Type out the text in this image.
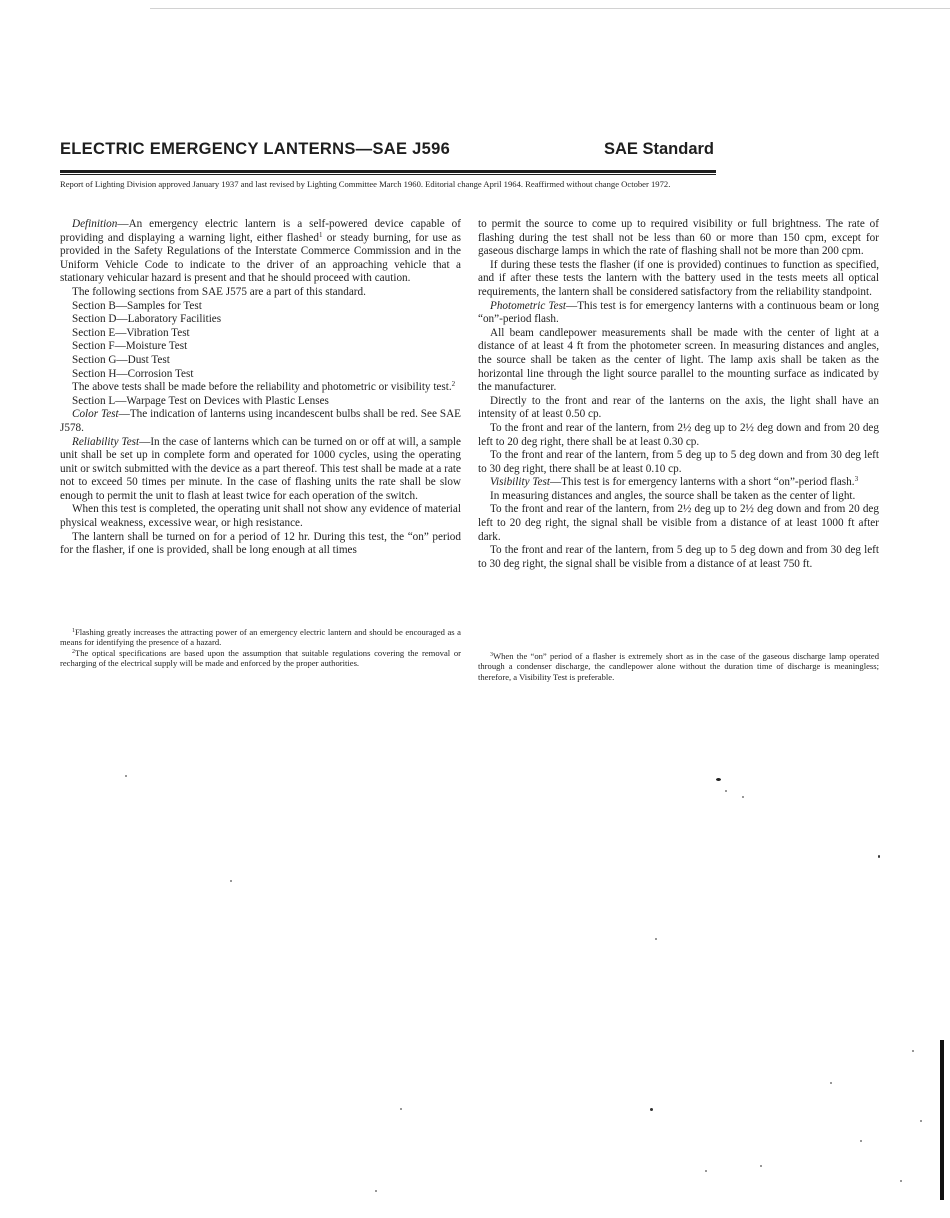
ELECTRIC EMERGENCY LANTERNS—SAE J596	SAE Standard
Report of Lighting Division approved January 1937 and last revised by Lighting Committee March 1960. Editorial change April 1964. Reaffirmed without change October 1972.

Definition—An emergency electric lantern is a self-powered device capable of providing and displaying a warning light, either flashed$^1$ or steady burning, for use as provided in the Safety Regulations of the Interstate Commerce Commission and in the Uniform Vehicle Code to indicate to the driver of an approaching vehicle that a stationary vehicular hazard is present and that he should proceed with caution.

The following sections from SAE J575 are a part of this standard.

Section B—Samples for Test

Section D—Laboratory Facilities

Section E—Vibration Test

Section F—Moisture Test

Section G—Dust Test

Section H—Corrosion Test

The above tests shall be made before the reliability and photometric or visibility test.$^2$

Section L—Warpage Test on Devices with Plastic Lenses

Color Test—The indication of lanterns using incandescent bulbs shall be red. See SAE J578.

Reliability Test—In the case of lanterns which can be turned on or off at will, a sample unit shall be set up in complete form and operated for 1000 cycles, using the operating unit or switch submitted with the device as a part thereof. This test shall be made at a rate not to exceed 50 times per minute. In the case of flashing units the rate shall be slow enough to permit the unit to flash at least twice for each operation of the switch.

When this test is completed, the operating unit shall not show any evidence of material physical weakness, excessive wear, or high resistance.

The lantern shall be turned on for a period of 12 hr. During this test, the “on” period for the flasher, if one is provided, shall be long enough at all times

$^1$Flashing greatly increases the attracting power of an emergency electric lantern and should be encouraged as a means for identifying the presence of a hazard.

$^2$The optical specifications are based upon the assumption that suitable regulations covering the removal or recharging of the electrical supply will be made and enforced by the proper authorities.

to permit the source to come up to required visibility or full brightness. The rate of flashing during the test shall not be less than 60 or more than 150 cpm, except for gaseous discharge lamps in which the rate of flashing shall not be more than 200 cpm.

If during these tests the flasher (if one is provided) continues to function as specified, and if after these tests the lantern with the battery used in the tests meets all optical requirements, the lantern shall be considered satisfactory from the reliability standpoint.

Photometric Test—This test is for emergency lanterns with a continuous beam or long “on”-period flash.

All beam candlepower measurements shall be made with the center of light at a distance of at least 4 ft from the photometer screen. In measuring distances and angles, the source shall be taken as the center of light. The lamp axis shall be taken as the horizontal line through the light source parallel to the mounting surface as indicated by the manufacturer.

Directly to the front and rear of the lanterns on the axis, the light shall have an intensity of at least 0.50 cp.

To the front and rear of the lantern, from 2½ deg up to 2½ deg down and from 20 deg left to 20 deg right, there shall be at least 0.30 cp.

To the front and rear of the lantern, from 5 deg up to 5 deg down and from 30 deg left to 30 deg right, there shall be at least 0.10 cp.

Visibility Test—This test is for emergency lanterns with a short “on”-period flash.$^3$

In measuring distances and angles, the source shall be taken as the center of light.

To the front and rear of the lantern, from 2½ deg up to 2½ deg down and from 20 deg left to 20 deg right, the signal shall be visible from a distance of at least 1000 ft after dark.

To the front and rear of the lantern, from 5 deg up to 5 deg down and from 30 deg left to 30 deg right, the signal shall be visible from a distance of at least 750 ft.

$^3$When the “on” period of a flasher is extremely short as in the case of the gaseous discharge lamp operated through a condenser discharge, the candlepower alone without the duration time of discharge is meaningless; therefore, a Visibility Test is preferable.
